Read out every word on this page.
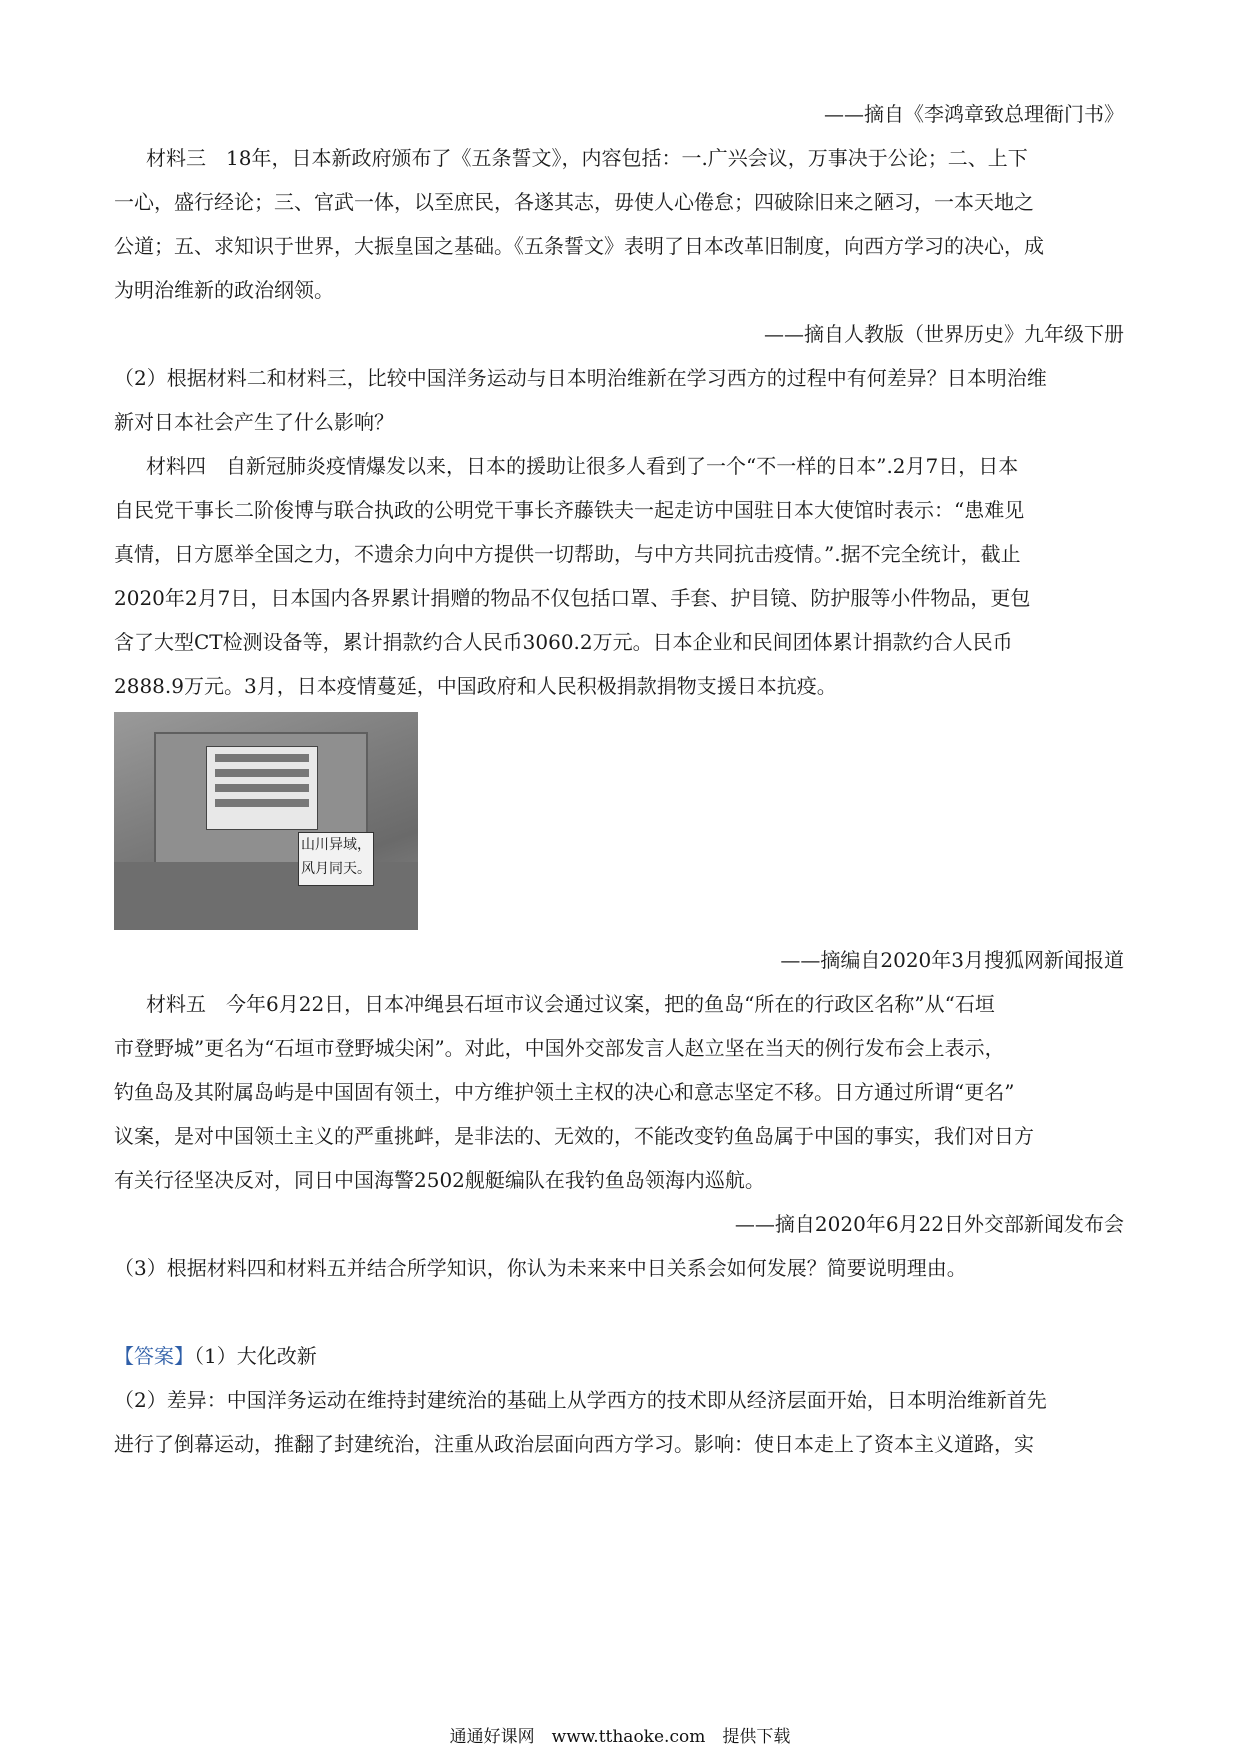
——摘自《李鸿章致总理衙门书》
材料三　18年，日本新政府颁布了《五条誓文》，内容包括：一.广兴会议，万事决于公论；二、上下
一心，盛行经论；三、官武一体，以至庶民，各遂其志，毋使人心倦怠；四破除旧来之陋习，一本天地之
公道；五、求知识于世界，大振皇国之基础。《五条誓文》表明了日本改革旧制度，向西方学习的决心，成
为明治维新的政治纲领。
——摘自人教版（世界历史》九年级下册
（2）根据材料二和材料三，比较中国洋务运动与日本明治维新在学习西方的过程中有何差异？日本明治维
新对日本社会产生了什么影响？
材料四　自新冠肺炎疫情爆发以来，日本的援助让很多人看到了一个“不一样的日本”.2月7日，日本
自民党干事长二阶俊博与联合执政的公明党干事长齐藤铁夫一起走访中国驻日本大使馆时表示：“患难见
真情，日方愿举全国之力，不遗余力向中方提供一切帮助，与中方共同抗击疫情。”.据不完全统计，截止
2020年2月7日，日本国内各界累计捐赠的物品不仅包括口罩、手套、护目镜、防护服等小件物品，更包
含了大型CT检测设备等，累计捐款约合人民币3060.2万元。日本企业和民间团体累计捐款约合人民币
2888.9万元。3月，日本疫情蔓延，中国政府和人民积极捐款捐物支援日本抗疫。
山川异域，风月同天。
——摘编自2020年3月搜狐网新闻报道
材料五　今年6月22日，日本冲绳县石垣市议会通过议案，把的鱼岛“所在的行政区名称”从“石垣
市登野城”更名为“石垣市登野城尖闲”。对此，中国外交部发言人赵立坚在当天的例行发布会上表示，
钓鱼岛及其附属岛屿是中国固有领土，中方维护领土主权的决心和意志坚定不移。日方通过所谓“更名”
议案，是对中国领土主义的严重挑衅，是非法的、无效的，不能改变钓鱼岛属于中国的事实，我们对日方
有关行径坚决反对，同日中国海警2502舰艇编队在我钓鱼岛领海内巡航。
——摘自2020年6月22日外交部新闻发布会
（3）根据材料四和材料五并结合所学知识，你认为未来来中日关系会如何发展？简要说明理由。
【答案】（1）大化改新
（2）差异：中国洋务运动在维持封建统治的基础上从学西方的技术即从经济层面开始，日本明治维新首先
进行了倒幕运动，推翻了封建统治，注重从政治层面向西方学习。影响：使日本走上了资本主义道路，实
通通好课网　www.tthaoke.com　提供下载
